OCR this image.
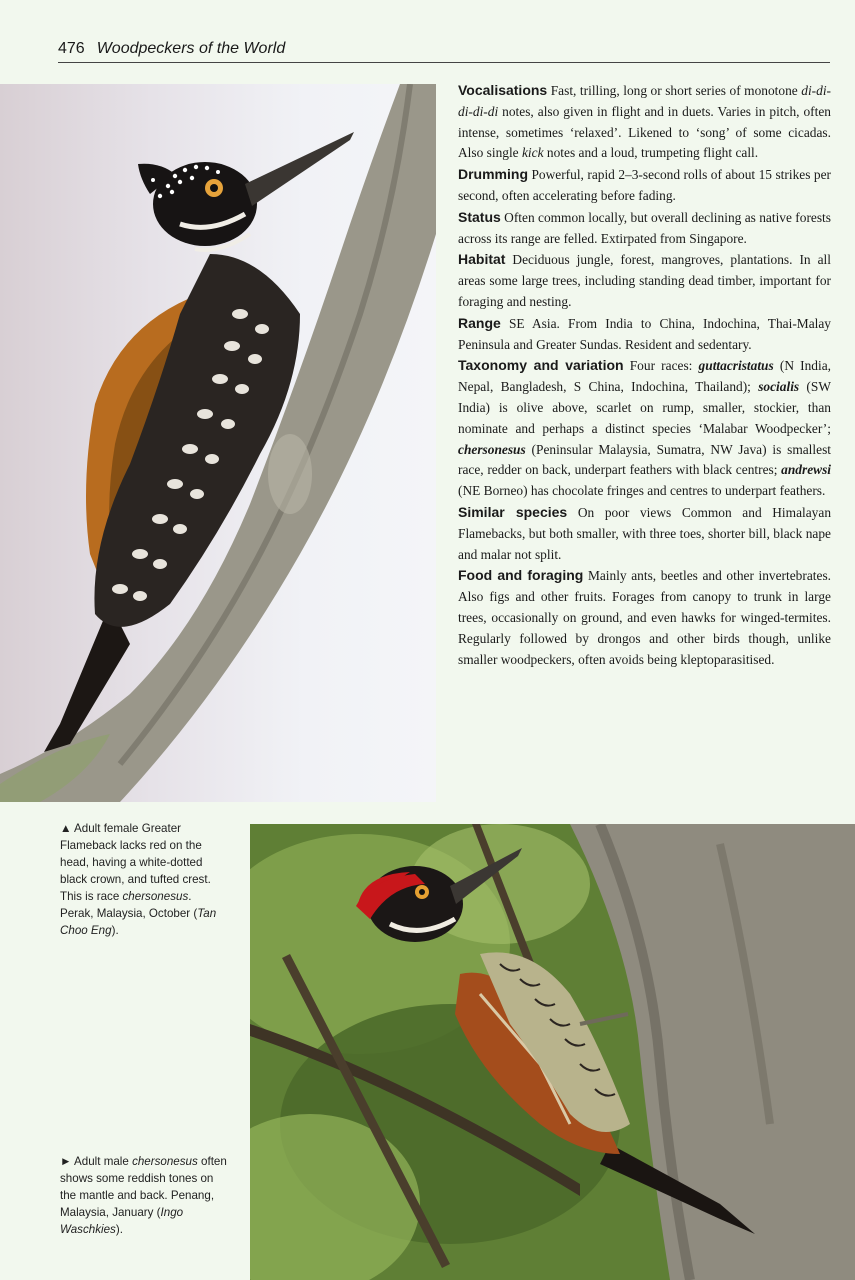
476 Woodpeckers of the World

Vocalisations Fast, trilling, long or short series of monotone di-di-di-di-di notes, also given in flight and in duets. Varies in pitch, often intense, sometimes ‘relaxed’. Likened to ‘song’ of some cicadas. Also single kick notes and a loud, trumpeting flight call.

Drumming Powerful, rapid 2–3-second rolls of about 15 strikes per second, often accelerating before fading.

Status Often common locally, but overall declining as native forests across its range are felled. Extirpated from Singapore.

Habitat Deciduous jungle, forest, mangroves, plantations. In all areas some large trees, including standing dead timber, important for foraging and nesting.

Range SE Asia. From India to China, Indochina, Thai-Malay Peninsula and Greater Sundas. Resident and sedentary.

Taxonomy and variation Four races: guttacristatus (N India, Nepal, Bangladesh, S China, Indochina, Thailand); socialis (SW India) is olive above, scarlet on rump, smaller, stockier, than nominate and perhaps a distinct species ‘Malabar Woodpecker’; chersonesus (Peninsular Malaysia, Sumatra, NW Java) is smallest race, redder on back, underpart feathers with black centres; andrewsi (NE Borneo) has chocolate fringes and centres to underpart feathers.

Similar species On poor views Common and Himalayan Flamebacks, but both smaller, with three toes, shorter bill, black nape and malar not split.

Food and foraging Mainly ants, beetles and other invertebrates. Also figs and other fruits. Forages from canopy to trunk in large trees, occasionally on ground, and even hawks for winged-termites. Regularly followed by drongos and other birds though, unlike smaller woodpeckers, often avoids being kleptoparasitised.

▲ Adult female Greater Flameback lacks red on the head, having a white-dotted black crown, and tufted crest. This is race chersonesus. Perak, Malaysia, October (Tan Choo Eng).
► Adult male chersonesus often shows some reddish tones on the mantle and back. Penang, Malaysia, January (Ingo Waschkies).
